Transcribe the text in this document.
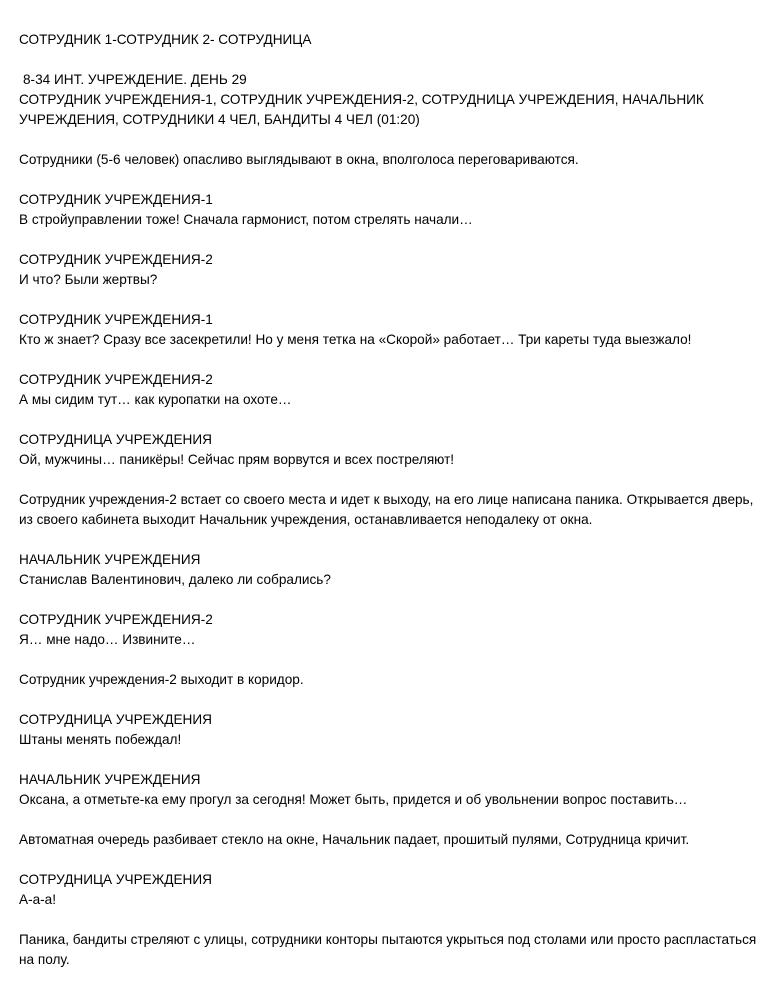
СОТРУДНИК 1-СОТРУДНИК 2- СОТРУДНИЦА
8-34 ИНТ. УЧРЕЖДЕНИЕ. ДЕНЬ 29
СОТРУДНИК УЧРЕЖДЕНИЯ-1, СОТРУДНИК УЧРЕЖДЕНИЯ-2, СОТРУДНИЦА УЧРЕЖДЕНИЯ, НАЧАЛЬНИК УЧРЕЖДЕНИЯ, СОТРУДНИКИ 4 ЧЕЛ, БАНДИТЫ 4 ЧЕЛ (01:20)
Сотрудники (5-6 человек) опасливо выглядывают в окна, вполголоса переговариваются.
СОТРУДНИК УЧРЕЖДЕНИЯ-1
В стройуправлении тоже! Сначала гармонист, потом стрелять начали…
СОТРУДНИК УЧРЕЖДЕНИЯ-2
И что? Были жертвы?
СОТРУДНИК УЧРЕЖДЕНИЯ-1
Кто ж знает? Сразу все засекретили! Но у меня тетка на «Скорой» работает… Три кареты туда выезжало!
СОТРУДНИК УЧРЕЖДЕНИЯ-2
А мы сидим тут… как куропатки на охоте…
СОТРУДНИЦА УЧРЕЖДЕНИЯ
Ой, мужчины… паникёры! Сейчас прям ворвутся и всех постреляют!
Сотрудник учреждения-2 встает со своего места и идет к выходу, на его лице написана паника. Открывается дверь, из своего кабинета выходит Начальник учреждения, останавливается неподалеку от окна.
НАЧАЛЬНИК УЧРЕЖДЕНИЯ
Станислав Валентинович, далеко ли собрались?
СОТРУДНИК УЧРЕЖДЕНИЯ-2
Я… мне надо… Извините…
Сотрудник учреждения-2 выходит в коридор.
СОТРУДНИЦА УЧРЕЖДЕНИЯ
Штаны менять побеждал!
НАЧАЛЬНИК УЧРЕЖДЕНИЯ
Оксана, а отметьте-ка ему прогул за сегодня! Может быть, придется и об увольнении вопрос поставить…
Автоматная очередь разбивает стекло на окне, Начальник падает, прошитый пулями, Сотрудница кричит.
СОТРУДНИЦА УЧРЕЖДЕНИЯ
А-а-а!
Паника, бандиты стреляют с улицы, сотрудники конторы пытаются укрыться под столами или просто распластаться на полу.
